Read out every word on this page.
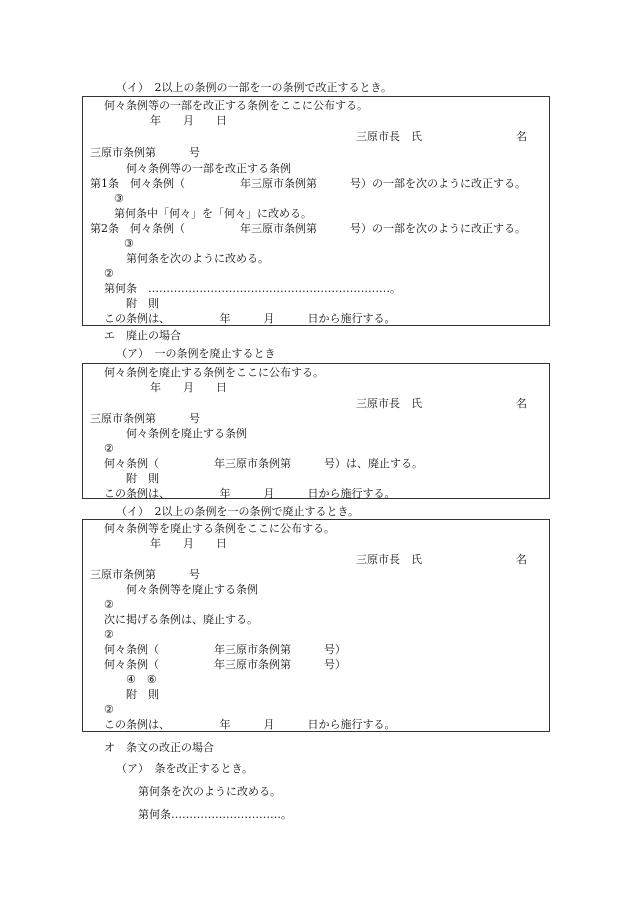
（イ）　2以上の条例の一部を一の条例で改正するとき。
何々条例等の一部を改正する条例をここに公布する。
年　　月　　日
三原市長　氏	名
三原市条例第　　　号
何々条例等の一部を改正する条例
第1条　何々条例（　　　　　年三原市条例第　　　号）の一部を次のように改正する。
③
第何条中「何々」を「何々」に改める。
第2条　何々条例（　　　　　年三原市条例第　　　号）の一部を次のように改正する。
③
第何条を次のように改める。
②
第何条　…………………………………………………………。
附　則
この条例は、　　　　　年　　　月　　　日から施行する。
エ　廃止の場合
（ア）　一の条例を廃止するとき
何々条例を廃止する条例をここに公布する。
年　　月　　日
三原市長　氏	名
三原市条例第　　　号
何々条例を廃止する条例
②
何々条例（　　　　　年三原市条例第　　　号）は、廃止する。
附　則
この条例は、　　　　　年　　　月　　　日から施行する。
（イ）　2以上の条例を一の条例で廃止するとき。
何々条例等を廃止する条例をここに公布する。
年　　月　　日
三原市長　氏	名
三原市条例第　　　号
何々条例等を廃止する条例
②
次に掲げる条例は、廃止する。
②
何々条例（　　　　　年三原市条例第　　　号）
何々条例（　　　　　年三原市条例第　　　号）
④　⑥
附　則
②
この条例は、　　　　　年　　　月　　　日から施行する。
オ　条文の改正の場合
（ア）　条を改正するとき。
第何条を次のように改める。
第何条…………………………。
